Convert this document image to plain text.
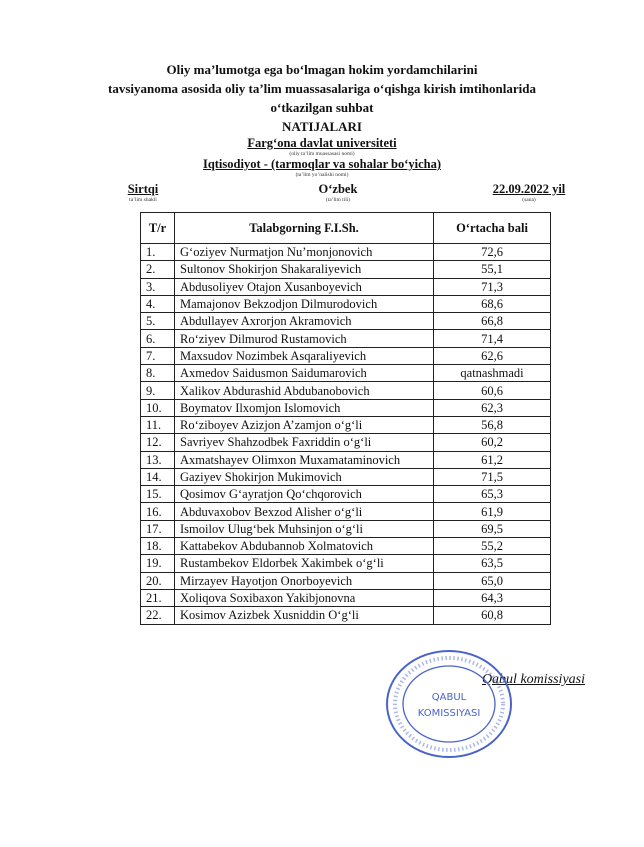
Oliy ma’lumotga ega bo‘lmagan hokim yordamchilarini
tavsiyanoma asosida oliy ta’lim muassasalariga o‘qishga kirish imtihonlarida
o‘tkazilgan suhbat
NATIJALARI
Farg‘ona davlat universiteti
(oliy ta’lim muassasasi nomi)
Iqtisodiyot - (tarmoqlar va sohalar bo‘yicha)
(ta’lim yo’nalishi nomi)
Sirtqi
ta’lim shakli
O‘zbek
(ta’lim tili)
22.09.2022 yil
(sana)
T/r	Talabgorning F.I.Sh.	O‘rtacha bali
1.	G‘oziyev Nurmatjon Nu’monjonovich	72,6
2.	Sultonov Shokirjon Shakaraliyevich	55,1
3.	Abdusoliyev Otajon Xusanboyevich	71,3
4.	Mamajonov Bekzodjon Dilmurodovich	68,6
5.	Abdullayev Axrorjon Akramovich	66,8
6.	Ro‘ziyev Dilmurod Rustamovich	71,4
7.	Maxsudov Nozimbek Asqaraliyevich	62,6
8.	Axmedov Saidusmon Saidumarovich	qatnashmadi
9.	Xalikov Abdurashid Abdubanobovich	60,6
10.	Boymatov Ilxomjon Islomovich	62,3
11.	Ro‘ziboyev Azizjon A’zamjon o‘g‘li	56,8
12.	Savriyev Shahzodbek Faxriddin o‘g‘li	60,2
13.	Axmatshayev Olimxon Muxamataminovich	61,2
14.	Gaziyev Shokirjon Mukimovich	71,5
15.	Qosimov G‘ayratjon Qo‘chqorovich	65,3
16.	Abduvaxobov Bexzod Alisher o‘g‘li	61,9
17.	Ismoilov Ulug‘bek Muhsinjon o‘g‘li	69,5
18.	Kattabekov Abdubannob Xolmatovich	55,2
19.	Rustambekov Eldorbek Xakimbek o‘g‘li	63,5
20.	Mirzayev Hayotjon Onorboyevich	65,0
21.	Xoliqova Soxibaxon Yakibjonovna	64,3
22.	Kosimov Azizbek Xusniddin O‘g‘li	60,8
Qabul komissiyasi
QABUL
KOMISSIYASI
